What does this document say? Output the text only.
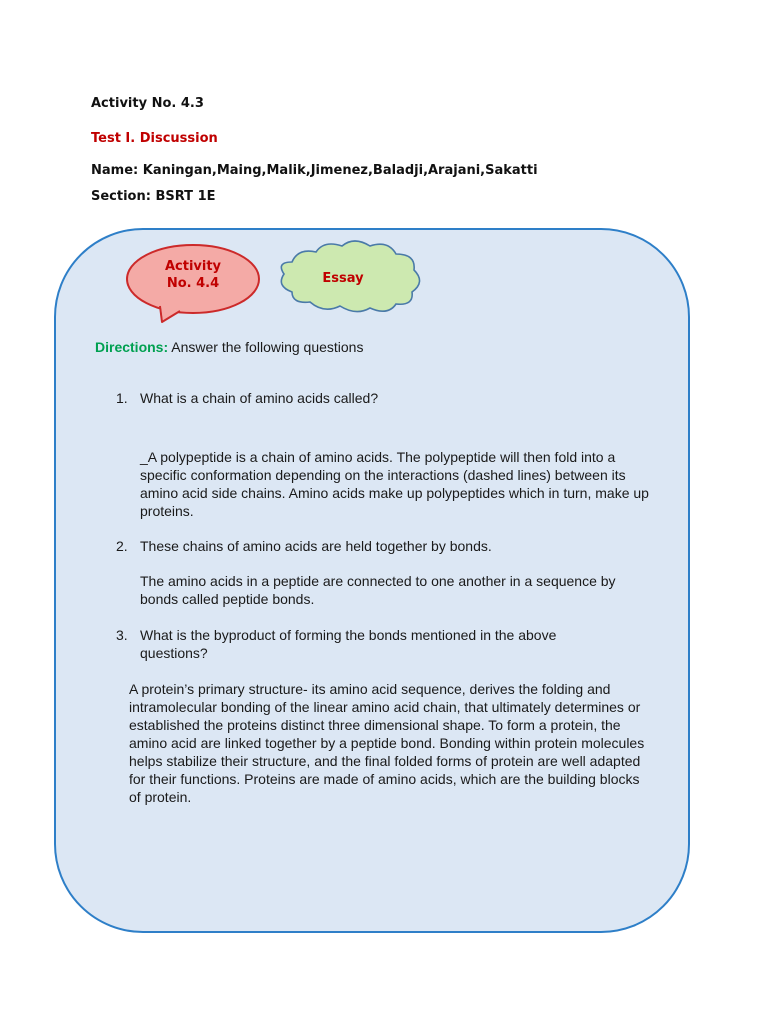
Activity No. 4.3
Test I. Discussion
Name: Kaningan,Maing,Malik,Jimenez,Baladji,Arajani,Sakatti
Section: BSRT 1E
Activity
No. 4.4	Essay
Directions: Answer the following questions
1. What is a chain of amino acids called?
_A polypeptide is a chain of amino acids. The polypeptide will then fold into a specific conformation depending on the interactions (dashed lines) between its amino acid side chains. Amino acids make up polypeptides which in turn, make up proteins.
2. These chains of amino acids are held together by bonds.
The amino acids in a peptide are connected to one another in a sequence by bonds called peptide bonds.
3. What is the byproduct of forming the bonds mentioned in the above questions?
A protein’s primary structure- its amino acid sequence, derives the folding and intramolecular bonding of the linear amino acid chain, that ultimately determines or established the proteins distinct three dimensional shape. To form a protein, the amino acid are linked together by a peptide bond. Bonding within protein molecules helps stabilize their structure, and the final folded forms of protein are well adapted for their functions. Proteins are made of amino acids, which are the building blocks of protein.
